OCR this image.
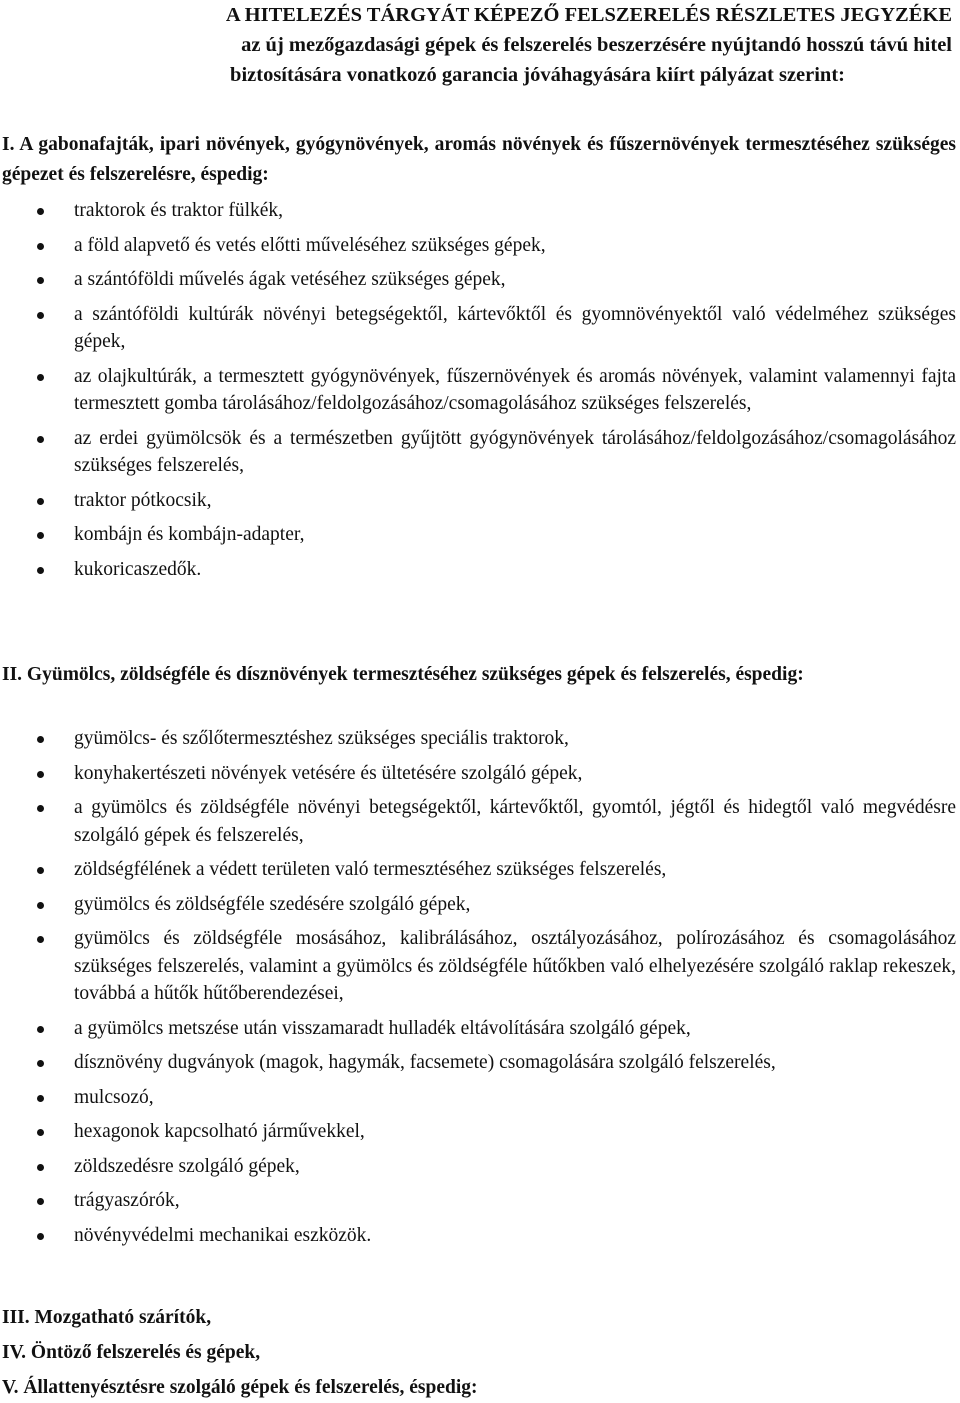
A HITELEZÉS TÁRGYÁT KÉPEZŐ FELSZERELÉS RÉSZLETES JEGYZÉKE
az új mezőgazdasági gépek és felszerelés beszerzésére nyújtandó hosszú távú hitel
biztosítására vonatkozó garancia jóváhagyására kiírt pályázat szerint:
I. A gabonafajták, ipari növények, gyógynövények, aromás növények és fűszernövények termesztéséhez szükséges gépezet és felszerelésre, éspedig:
traktorok és traktor fülkék,
a föld alapvető és vetés előtti műveléséhez szükséges gépek,
a szántóföldi művelés ágak vetéséhez szükséges gépek,
a szántóföldi kultúrák növényi betegségektől, kártevőktől és gyomnövényektől való védelméhez szükséges gépek,
az olajkultúrák, a termesztett gyógynövények, fűszernövények és aromás növények, valamint valamennyi fajta termesztett gomba tárolásához/feldolgozásához/csomagolásához szükséges felszerelés,
az erdei gyümölcsök és a természetben gyűjtött gyógynövények tárolásához/feldolgozásához/csomagolásához szükséges felszerelés,
traktor pótkocsik,
kombájn és kombájn-adapter,
kukoricaszedők.
II. Gyümölcs, zöldségféle és dísznövények termesztéséhez szükséges gépek és felszerelés, éspedig:
gyümölcs- és szőlőtermesztéshez szükséges speciális traktorok,
konyhakertészeti növények vetésére és ültetésére szolgáló gépek,
a gyümölcs és zöldségféle növényi betegségektől, kártevőktől, gyomtól, jégtől és hidegtől való megvédésre szolgáló gépek és felszerelés,
zöldségfélének a védett területen való termesztéséhez szükséges felszerelés,
gyümölcs és zöldségféle szedésére szolgáló gépek,
gyümölcs és zöldségféle mosásához, kalibrálásához, osztályozásához, polírozásához és csomagolásához szükséges felszerelés, valamint a gyümölcs és zöldségféle hűtőkben való elhelyezésére szolgáló raklap rekeszek, továbbá a hűtők hűtőberendezései,
a gyümölcs metszése után visszamaradt hulladék eltávolítására szolgáló gépek,
dísznövény dugványok (magok, hagymák, facsemete) csomagolására szolgáló felszerelés,
mulcsozó,
hexagonok kapcsolható járművekkel,
zöldszedésre szolgáló gépek,
trágyaszórók,
növényvédelmi mechanikai eszközök.
III. Mozgatható szárítók,
IV. Öntöző felszerelés és gépek,
V. Állattenyésztésre szolgáló gépek és felszerelés, éspedig:
